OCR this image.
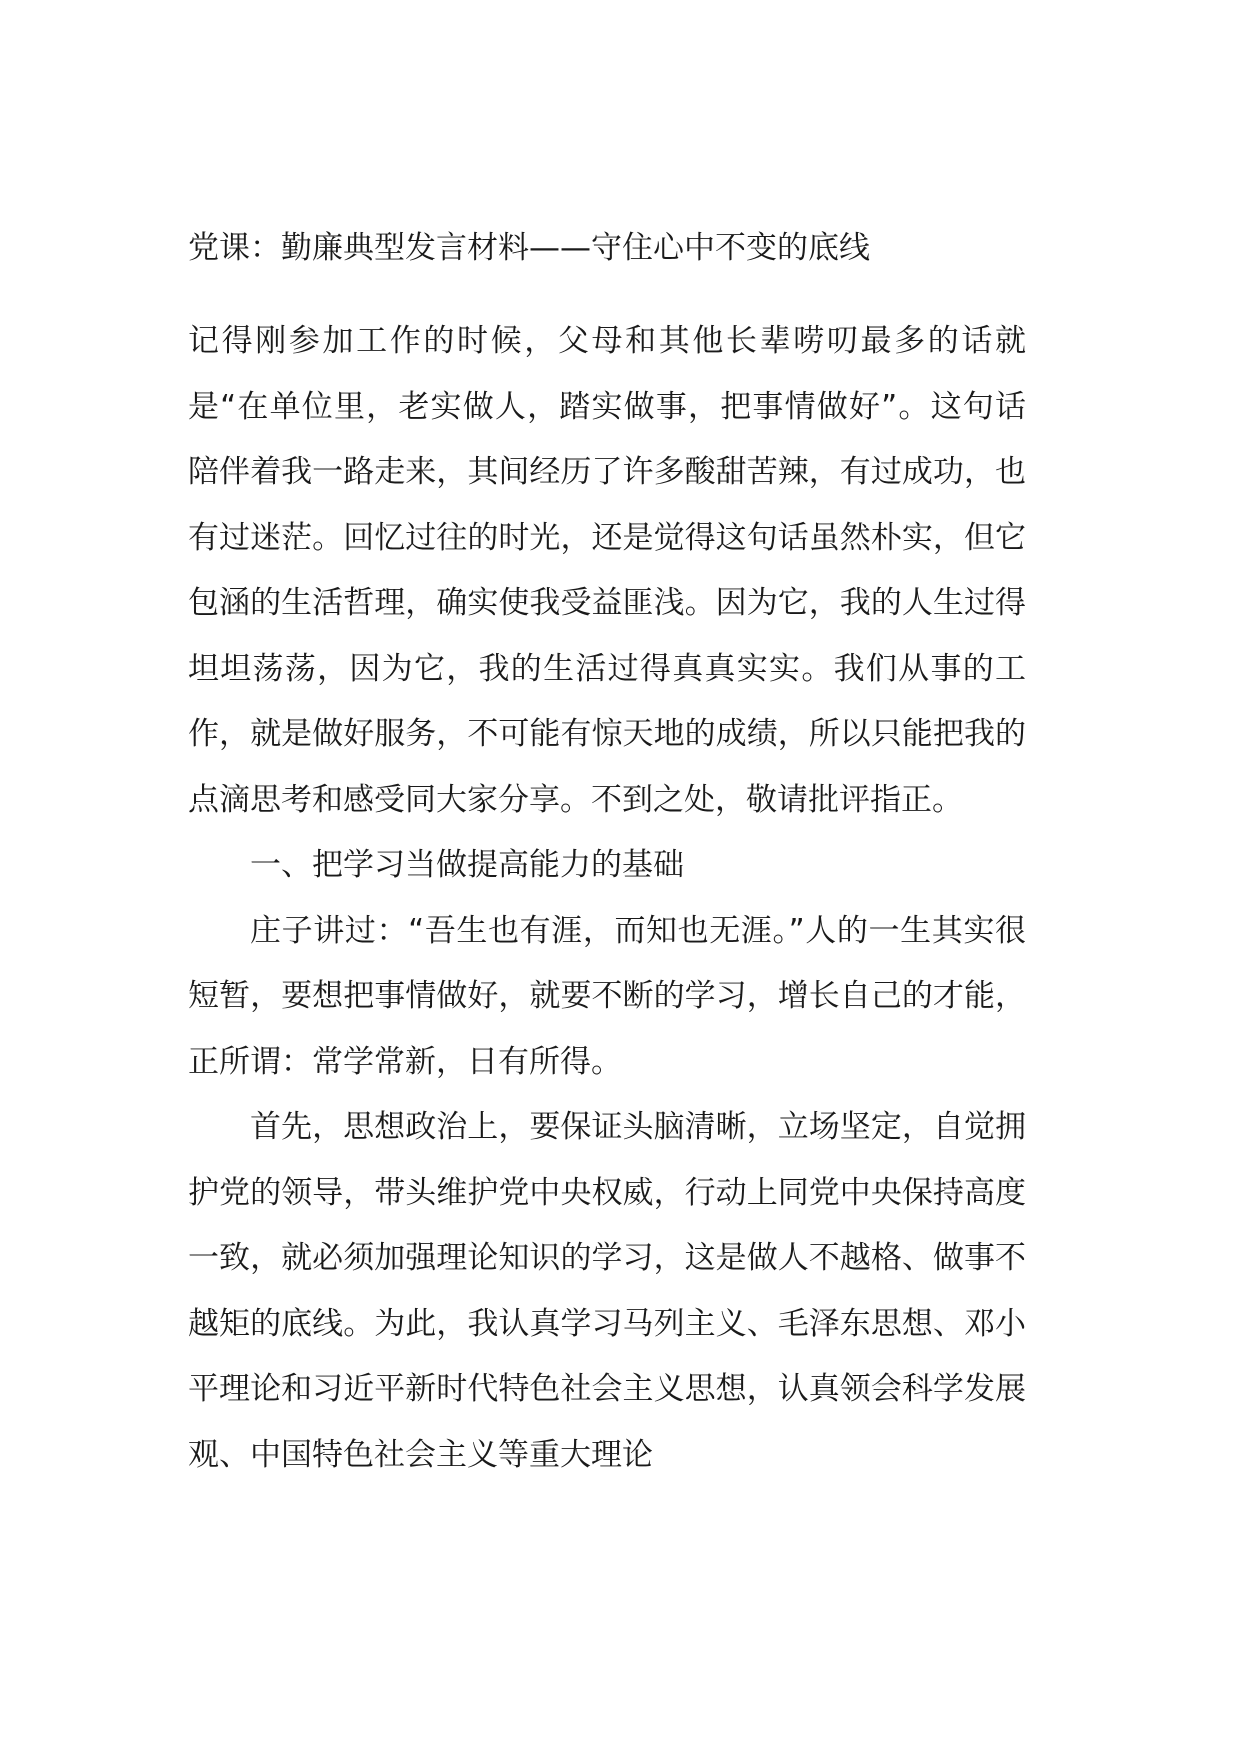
党课：勤廉典型发言材料——守住心中不变的底线

记得刚参加工作的时候，父母和其他长辈唠叨最多的话就是“在单位里，老实做人，踏实做事，把事情做好”。这句话陪伴着我一路走来，其间经历了许多酸甜苦辣，有过成功，也有过迷茫。回忆过往的时光，还是觉得这句话虽然朴实，但它包涵的生活哲理，确实使我受益匪浅。因为它，我的人生过得坦坦荡荡，因为它，我的生活过得真真实实。我们从事的工作，就是做好服务，不可能有惊天地的成绩，所以只能把我的点滴思考和感受同大家分享。不到之处，敬请批评指正。

一、把学习当做提高能力的基础

庄子讲过：“吾生也有涯，而知也无涯。”人的一生其实很短暂，要想把事情做好，就要不断的学习，增长自己的才能，正所谓：常学常新，日有所得。

首先，思想政治上，要保证头脑清晰，立场坚定，自觉拥护党的领导，带头维护党中央权威，行动上同党中央保持高度一致，就必须加强理论知识的学习，这是做人不越格、做事不越矩的底线。为此，我认真学习马列主义、毛泽东思想、邓小平理论和习近平新时代特色社会主义思想，认真领会科学发展观、中国特色社会主义等重大理论
